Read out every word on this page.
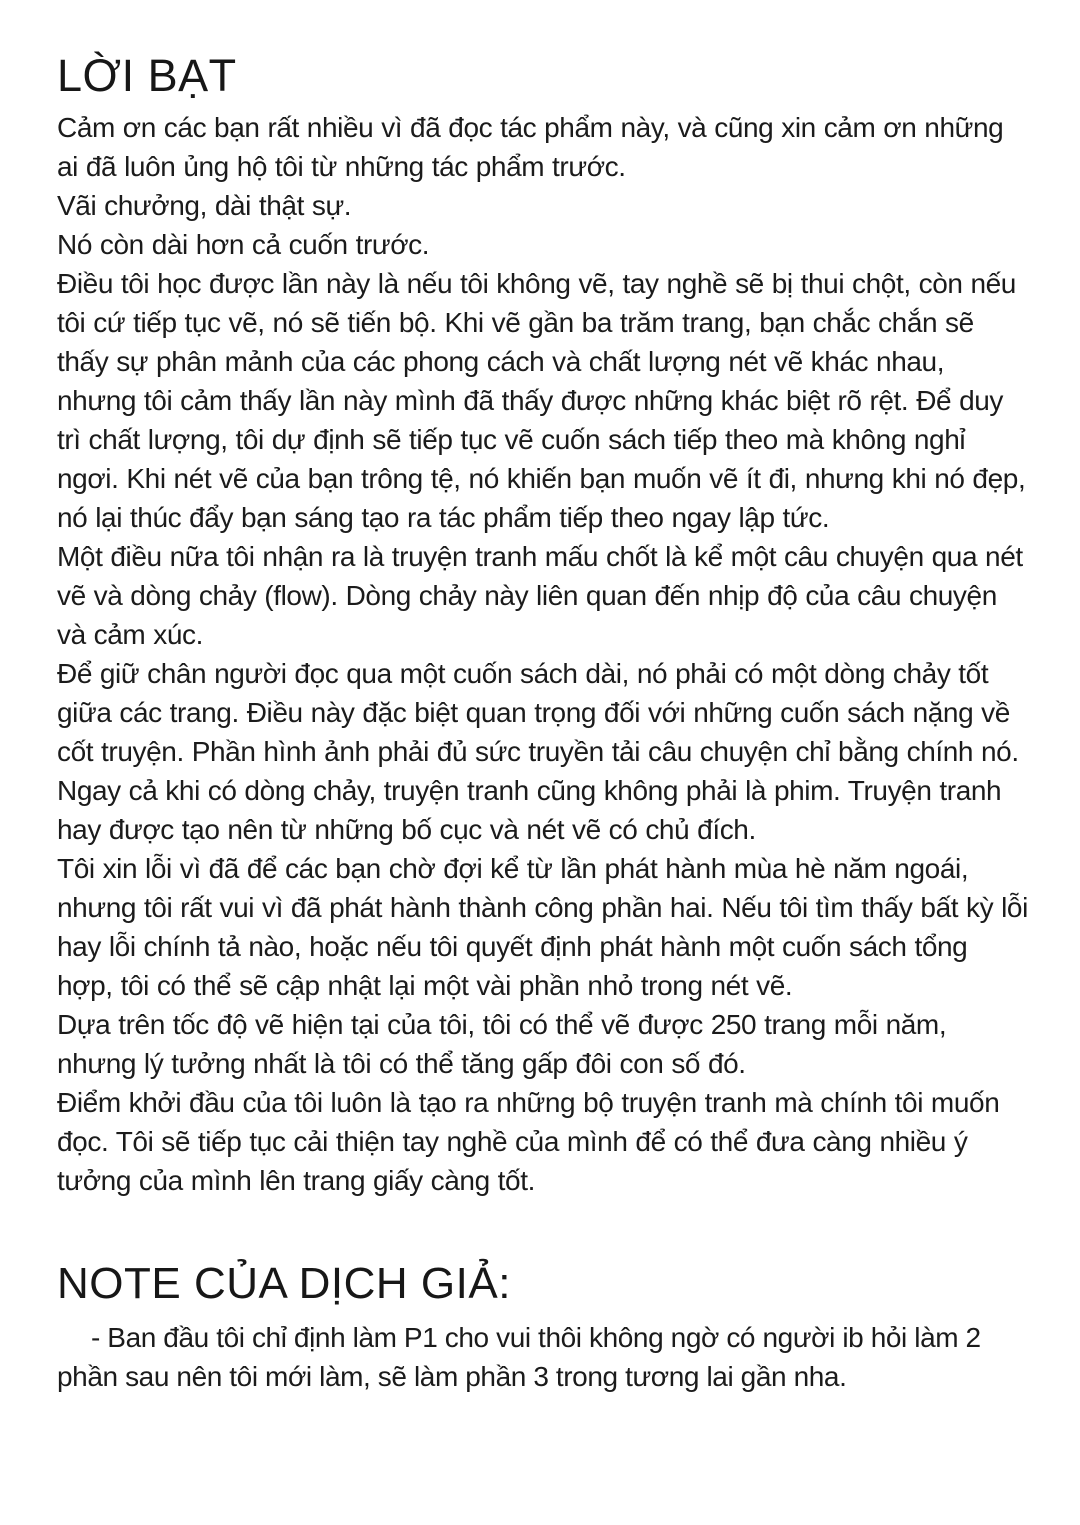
LỜI BẠT

Cảm ơn các bạn rất nhiều vì đã đọc tác phẩm này, và cũng xin cảm ơn những ai đã luôn ủng hộ tôi từ những tác phẩm trước.

Vãi chưởng, dài thật sự.

Nó còn dài hơn cả cuốn trước.

Điều tôi học được lần này là nếu tôi không vẽ, tay nghề sẽ bị thui chột, còn nếu tôi cứ tiếp tục vẽ, nó sẽ tiến bộ. Khi vẽ gần ba trăm trang, bạn chắc chắn sẽ thấy sự phân mảnh của các phong cách và chất lượng nét vẽ khác nhau, nhưng tôi cảm thấy lần này mình đã thấy được những khác biệt rõ rệt. Để duy trì chất lượng, tôi dự định sẽ tiếp tục vẽ cuốn sách tiếp theo mà không nghỉ ngơi. Khi nét vẽ của bạn trông tệ, nó khiến bạn muốn vẽ ít đi, nhưng khi nó đẹp, nó lại thúc đẩy bạn sáng tạo ra tác phẩm tiếp theo ngay lập tức.

Một điều nữa tôi nhận ra là truyện tranh mấu chốt là kể một câu chuyện qua nét vẽ và dòng chảy (flow). Dòng chảy này liên quan đến nhịp độ của câu chuyện và cảm xúc.

Để giữ chân người đọc qua một cuốn sách dài, nó phải có một dòng chảy tốt giữa các trang. Điều này đặc biệt quan trọng đối với những cuốn sách nặng về cốt truyện. Phần hình ảnh phải đủ sức truyền tải câu chuyện chỉ bằng chính nó. Ngay cả khi có dòng chảy, truyện tranh cũng không phải là phim. Truyện tranh hay được tạo nên từ những bố cục và nét vẽ có chủ đích.

Tôi xin lỗi vì đã để các bạn chờ đợi kể từ lần phát hành mùa hè năm ngoái, nhưng tôi rất vui vì đã phát hành thành công phần hai. Nếu tôi tìm thấy bất kỳ lỗi hay lỗi chính tả nào, hoặc nếu tôi quyết định phát hành một cuốn sách tổng hợp, tôi có thể sẽ cập nhật lại một vài phần nhỏ trong nét vẽ.

Dựa trên tốc độ vẽ hiện tại của tôi, tôi có thể vẽ được 250 trang mỗi năm, nhưng lý tưởng nhất là tôi có thể tăng gấp đôi con số đó.

Điểm khởi đầu của tôi luôn là tạo ra những bộ truyện tranh mà chính tôi muốn đọc. Tôi sẽ tiếp tục cải thiện tay nghề của mình để có thể đưa càng nhiều ý tưởng của mình lên trang giấy càng tốt.

NOTE CỦA DỊCH GIẢ:

- Ban đầu tôi chỉ định làm P1 cho vui thôi không ngờ có người ib hỏi làm 2 phần sau nên tôi mới làm, sẽ làm phần 3 trong tương lai gần nha.
